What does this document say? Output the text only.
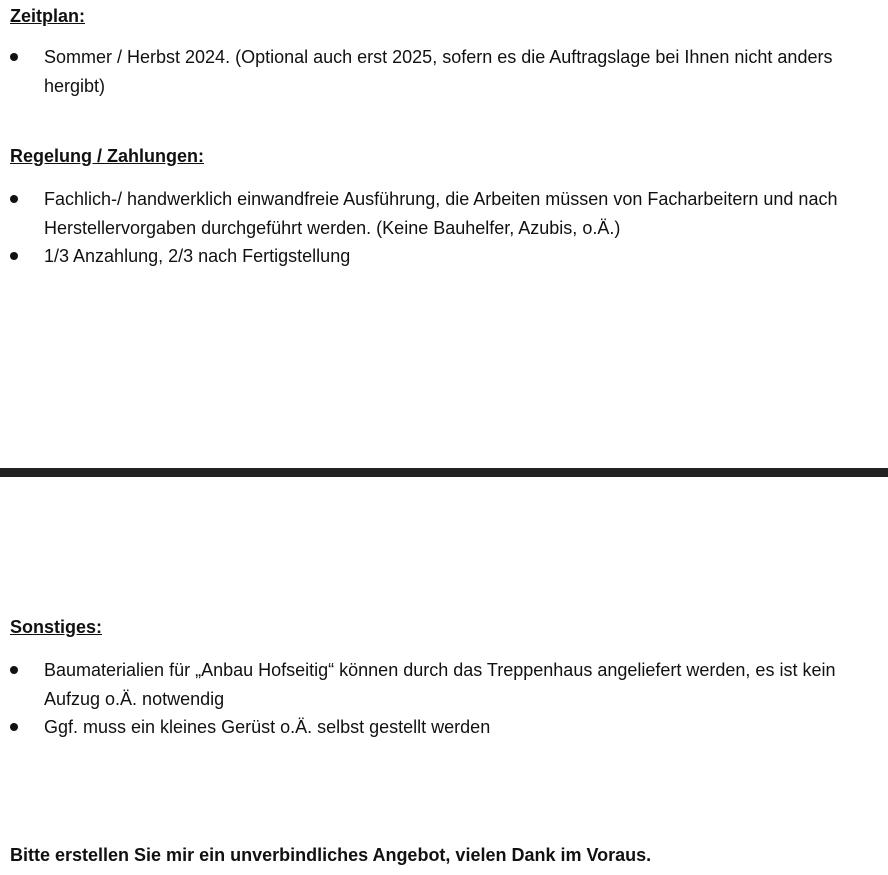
Zeitplan:
Sommer / Herbst 2024. (Optional auch erst 2025, sofern es die Auftragslage bei Ihnen nicht anders hergibt)
Regelung / Zahlungen:
Fachlich-/ handwerklich einwandfreie Ausführung, die Arbeiten müssen von Facharbeitern und nach Herstellervorgaben durchgeführt werden. (Keine Bauhelfer, Azubis, o.Ä.)
1/3 Anzahlung, 2/3 nach Fertigstellung
Sonstiges:
Baumaterialien für „Anbau Hofseitig“ können durch das Treppenhaus angeliefert werden, es ist kein Aufzug o.Ä. notwendig
Ggf. muss ein kleines Gerüst o.Ä. selbst gestellt werden

Bitte erstellen Sie mir ein unverbindliches Angebot, vielen Dank im Voraus.
